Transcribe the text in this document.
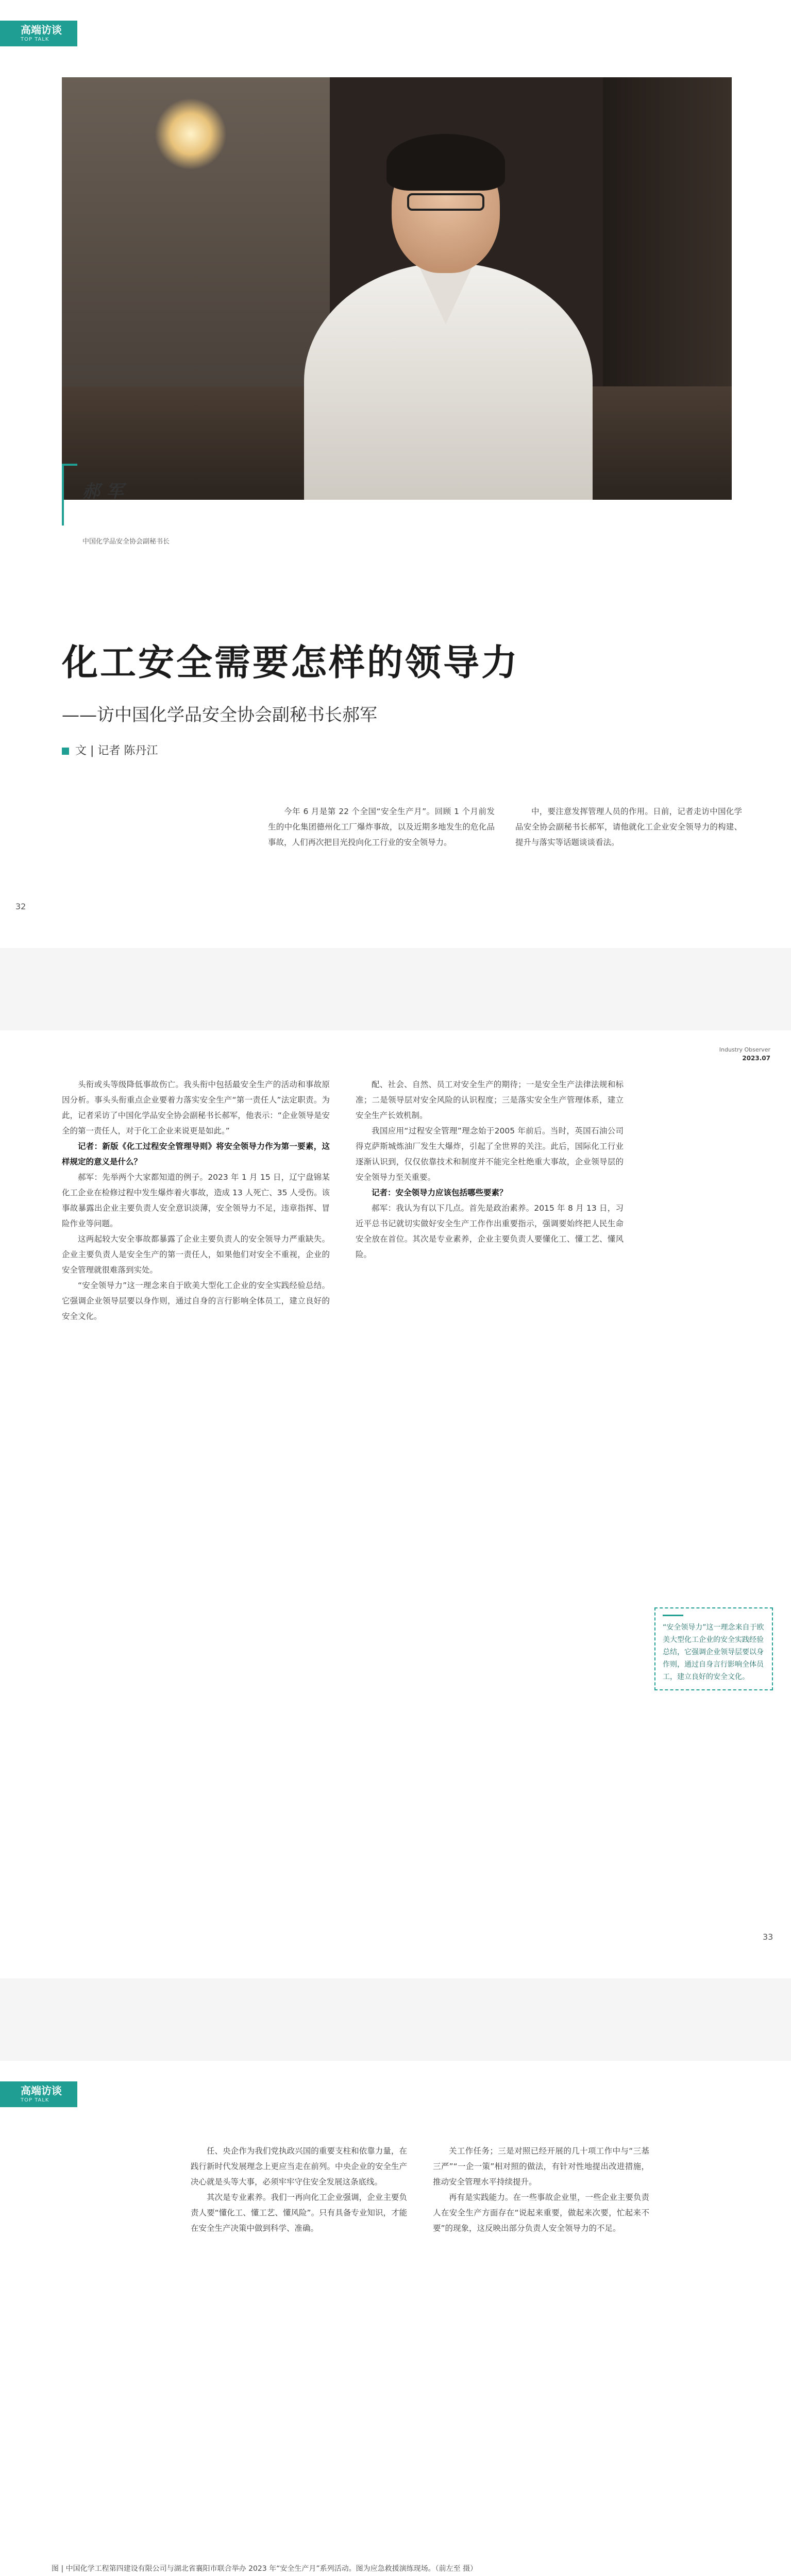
高端访谈
TOP TALK
郝 军
中国化学品安全协会副秘书长
化工安全需要怎样的领导力
——访中国化学品安全协会副秘书长郝军
文 | 记者 陈丹江

今年 6 月是第 22 个全国“安全生产月”。回顾 1 个月前发生的中化集团德州化工厂爆炸事故，以及近期多地发生的危化品事故，人们再次把目光投向化工行业的安全领导力。

中，要注意发挥管理人员的作用。日前，记者走访中国化学品安全协会副秘书长郝军，请他就化工企业安全领导力的构建、提升与落实等话题谈谈看法。

32
Industry Observer
2023.07

头衔或头等级降低事故伤亡。我头衔中包括最安全生产的活动和事故原因分析。事头头衔重点企业要着力落实安全生产“第一责任人”法定职责。为此，记者采访了中国化学品安全协会副秘书长郝军，他表示：“企业领导是安全的第一责任人，对于化工企业来说更是如此。”

记者：新版《化工过程安全管理导则》将安全领导力作为第一要素，这样规定的意义是什么？

郝军：先举两个大家都知道的例子。2023 年 1 月 15 日，辽宁盘锦某化工企业在检修过程中发生爆炸着火事故，造成 13 人死亡、35 人受伤。该事故暴露出企业主要负责人安全意识淡薄，安全领导力不足，违章指挥、冒险作业等问题。

这两起较大安全事故都暴露了企业主要负责人的安全领导力严重缺失。企业主要负责人是安全生产的第一责任人，如果他们对安全不重视，企业的安全管理就很难落到实处。

“安全领导力”这一理念来自于欧美大型化工企业的安全实践经验总结。它强调企业领导层要以身作则，通过自身的言行影响全体员工，建立良好的安全文化。

配、社会、自然、员工对安全生产的期待；一是安全生产法律法规和标准；二是领导层对安全风险的认识程度；三是落实安全生产管理体系，建立安全生产长效机制。

我国应用“过程安全管理”理念始于2005 年前后。当时，英国石油公司得克萨斯城炼油厂发生大爆炸，引起了全世界的关注。此后，国际化工行业逐渐认识到，仅仅依靠技术和制度并不能完全杜绝重大事故，企业领导层的安全领导力至关重要。

记者：安全领导力应该包括哪些要素？

郝军：我认为有以下几点。首先是政治素养。2015 年 8 月 13 日，习近平总书记就切实做好安全生产工作作出重要指示，强调要始终把人民生命安全放在首位。其次是专业素养，企业主要负责人要懂化工、懂工艺、懂风险。

“安全领导力”这一理念来自于欧美大型化工企业的安全实践经验总结，它强调企业领导层要以身作则，通过自身言行影响全体员工，建立良好的安全文化。
33
高端访谈
TOP TALK

任、央企作为我们党执政兴国的重要支柱和依靠力量，在践行新时代发展理念上更应当走在前列。中央企业的安全生产决心就是头等大事，必须牢牢守住安全发展这条底线。

其次是专业素养。我们一再向化工企业强调，企业主要负责人要“懂化工、懂工艺、懂风险”。只有具备专业知识，才能在安全生产决策中做到科学、准确。

关工作任务；三是对照已经开展的几十项工作中与“三基三严”“一企一策”相对照的做法，有针对性地提出改进措施，推动安全管理水平持续提升。

再有是实践能力。在一些事故企业里，一些企业主要负责人在安全生产方面存在“说起来重要，做起来次要，忙起来不要”的现象，这反映出部分负责人安全领导力的不足。

图 | 中国化学工程第四建设有限公司与湖北省襄阳市联合举办 2023 年“安全生产月”系列活动。图为应急救援演练现场。（前左至 摄）
